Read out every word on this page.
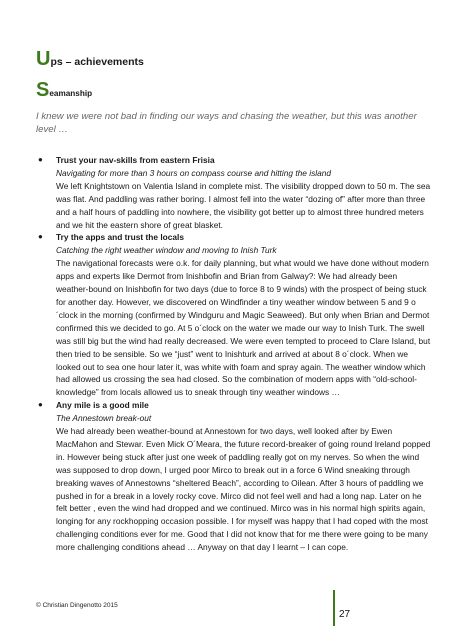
Ups – achievements
Seamanship
I knew we were not bad in finding our ways and chasing the weather, but this was another level …
● Trust your nav-skills from eastern Frisia
Navigating for more than 3 hours on compass course and hitting the island
We left Knightstown on Valentia Island in complete mist. The visibility dropped down to 50 m. The sea was flat. And paddling was rather boring. I almost fell into the water “dozing of” after more than three and a half hours of paddling into nowhere, the visibility got better up to almost three hundred meters and we hit the eastern shore of great blasket.
● Try the apps and trust the locals
Catching the right weather window and moving to Inish Turk
The navigational forecasts were o.k. for daily planning, but what would we have done without modern apps and experts like Dermot from Inishbofin and Brian from Galway?: We had already been weather-bound on Inishbofin for two days (due to force 8 to 9 winds) with the prospect of being stuck for another day. However, we discovered on Windfinder a tiny weather window between 5 and 9 o´clock in the morning (confirmed by Windguru and Magic Seaweed). But only when Brian and Dermot confirmed this we decided to go. At 5 o´clock on the water we made our way to Inish Turk. The swell was still big but the wind had really decreased. We were even tempted to proceed to Clare Island, but then tried to be sensible. So we “just” went to Inishturk and arrived at about 8 o´clock. When we looked out to sea one hour later it, was white with foam and spray again. The weather window which had allowed us crossing the sea had closed. So the combination of modern apps with “old-school-knowledge” from locals allowed us to sneak through tiny weather windows …
● Any mile is a good mile
The Annestown break-out
We had already been weather-bound at Annestown for two days, well looked after by Ewen MacMahon and Stewar. Even Mick O´Meara, the future record-breaker of going round Ireland popped in. However being stuck after just one week of paddling really got on my nerves. So when the wind was supposed to drop down, I urged poor Mirco to break out in a force 6 Wind sneaking through breaking waves of Annestowns “sheltered Beach”, according to Oilean. After 3 hours of paddling we pushed in for a break in a lovely rocky cove. Mirco did not feel well and had a long nap. Later on he felt better , even the wind had dropped and we continued. Mirco was in his normal high spirits again, longing for any rockhopping occasion possible. I for myself was happy that I had coped with the most challenging conditions ever for me. Good that I did not know that for me there were going to be many more challenging conditions ahead … Anyway on that day I learnt – I can cope.
© Christian Dingenotto 2015
27
